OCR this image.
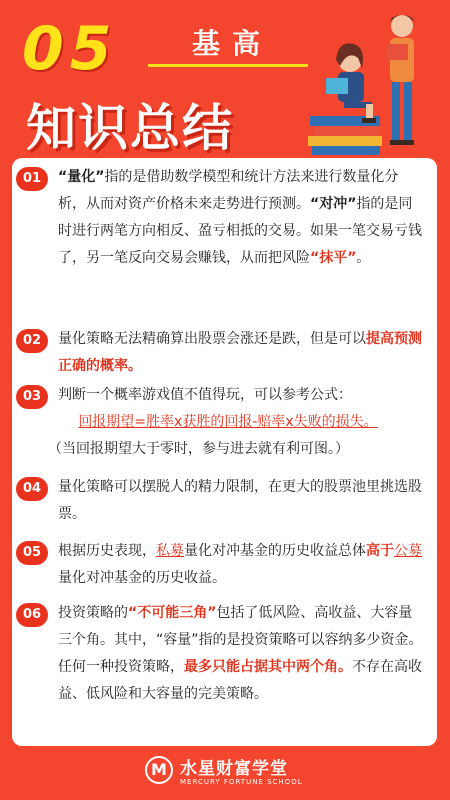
05	基高
知识总结
01	“量化”指的是借助数学模型和统计方法来进行数量化分析，从而对资产价格未来走势进行预测。“对冲”指的是同时进行两笔方向相反、盈亏相抵的交易。如果一笔交易亏钱了，另一笔反向交易会赚钱，从而把风险“抹平”。

02	量化策略无法精确算出股票会涨还是跌，但是可以提高预测正确的概率。

03	判断一个概率游戏值不值得玩，可以参考公式：

回报期望=胜率x获胜的回报-赔率x失败的损失。

（当回报期望大于零时，参与进去就有利可图。）

04	量化策略可以摆脱人的精力限制，在更大的股票池里挑选股票。

05	根据历史表现，私募量化对冲基金的历史收益总体高于公募量化对冲基金的历史收益。

06	投资策略的“不可能三角”包括了低风险、高收益、大容量三个角。其中，“容量”指的是投资策略可以容纳多少资金。任何一种投资策略，最多只能占据其中两个角。不存在高收益、低风险和大容量的完美策略。

M 水星财富学堂
MERCURY FORTUNE SCHOOL
